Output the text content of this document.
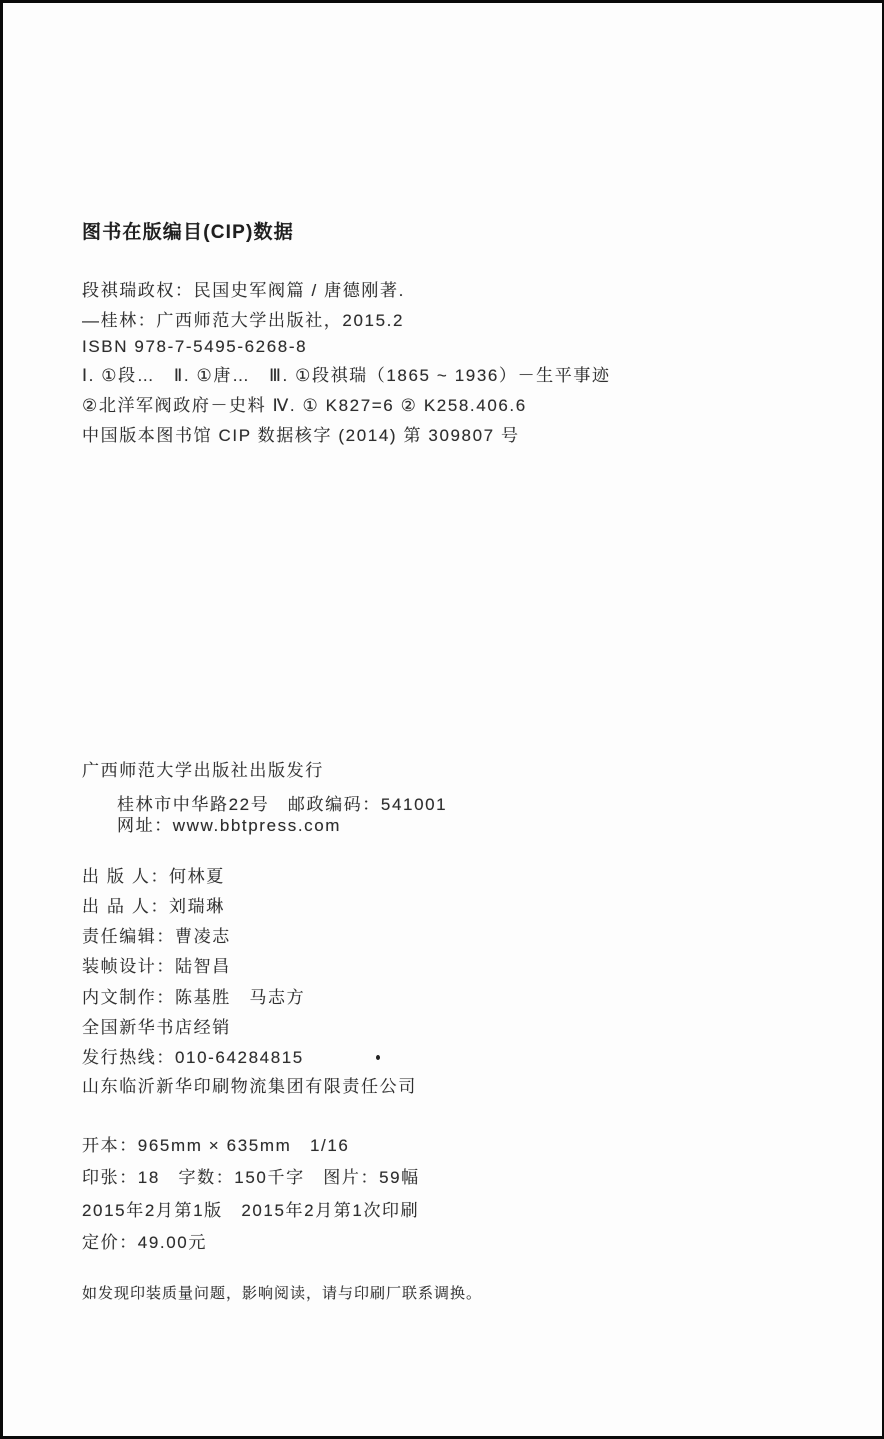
图书在版编目(CIP)数据
段祺瑞政权：民国史军阀篇 / 唐德刚著.
—桂林：广西师范大学出版社，2015.2
ISBN 978-7-5495-6268-8
Ⅰ. ①段…　Ⅱ. ①唐…　Ⅲ. ①段祺瑞（1865 ~ 1936）－生平事迹
②北洋军阀政府－史料 Ⅳ. ① K827=6 ② K258.406.6
中国版本图书馆 CIP 数据核字 (2014) 第 309807 号
广西师范大学出版社出版发行
桂林市中华路22号　邮政编码：541001
网址：www.bbtpress.com
出 版 人：何林夏
出 品 人：刘瑞琳
责任编辑：曹凌志
装帧设计：陆智昌
内文制作：陈基胜　马志方
全国新华书店经销
发行热线：010-64284815
山东临沂新华印刷物流集团有限责任公司
开本：965mm × 635mm　1/16
印张：18　字数：150千字　图片：59幅
2015年2月第1版　2015年2月第1次印刷
定价：49.00元
如发现印装质量问题，影响阅读，请与印刷厂联系调换。
